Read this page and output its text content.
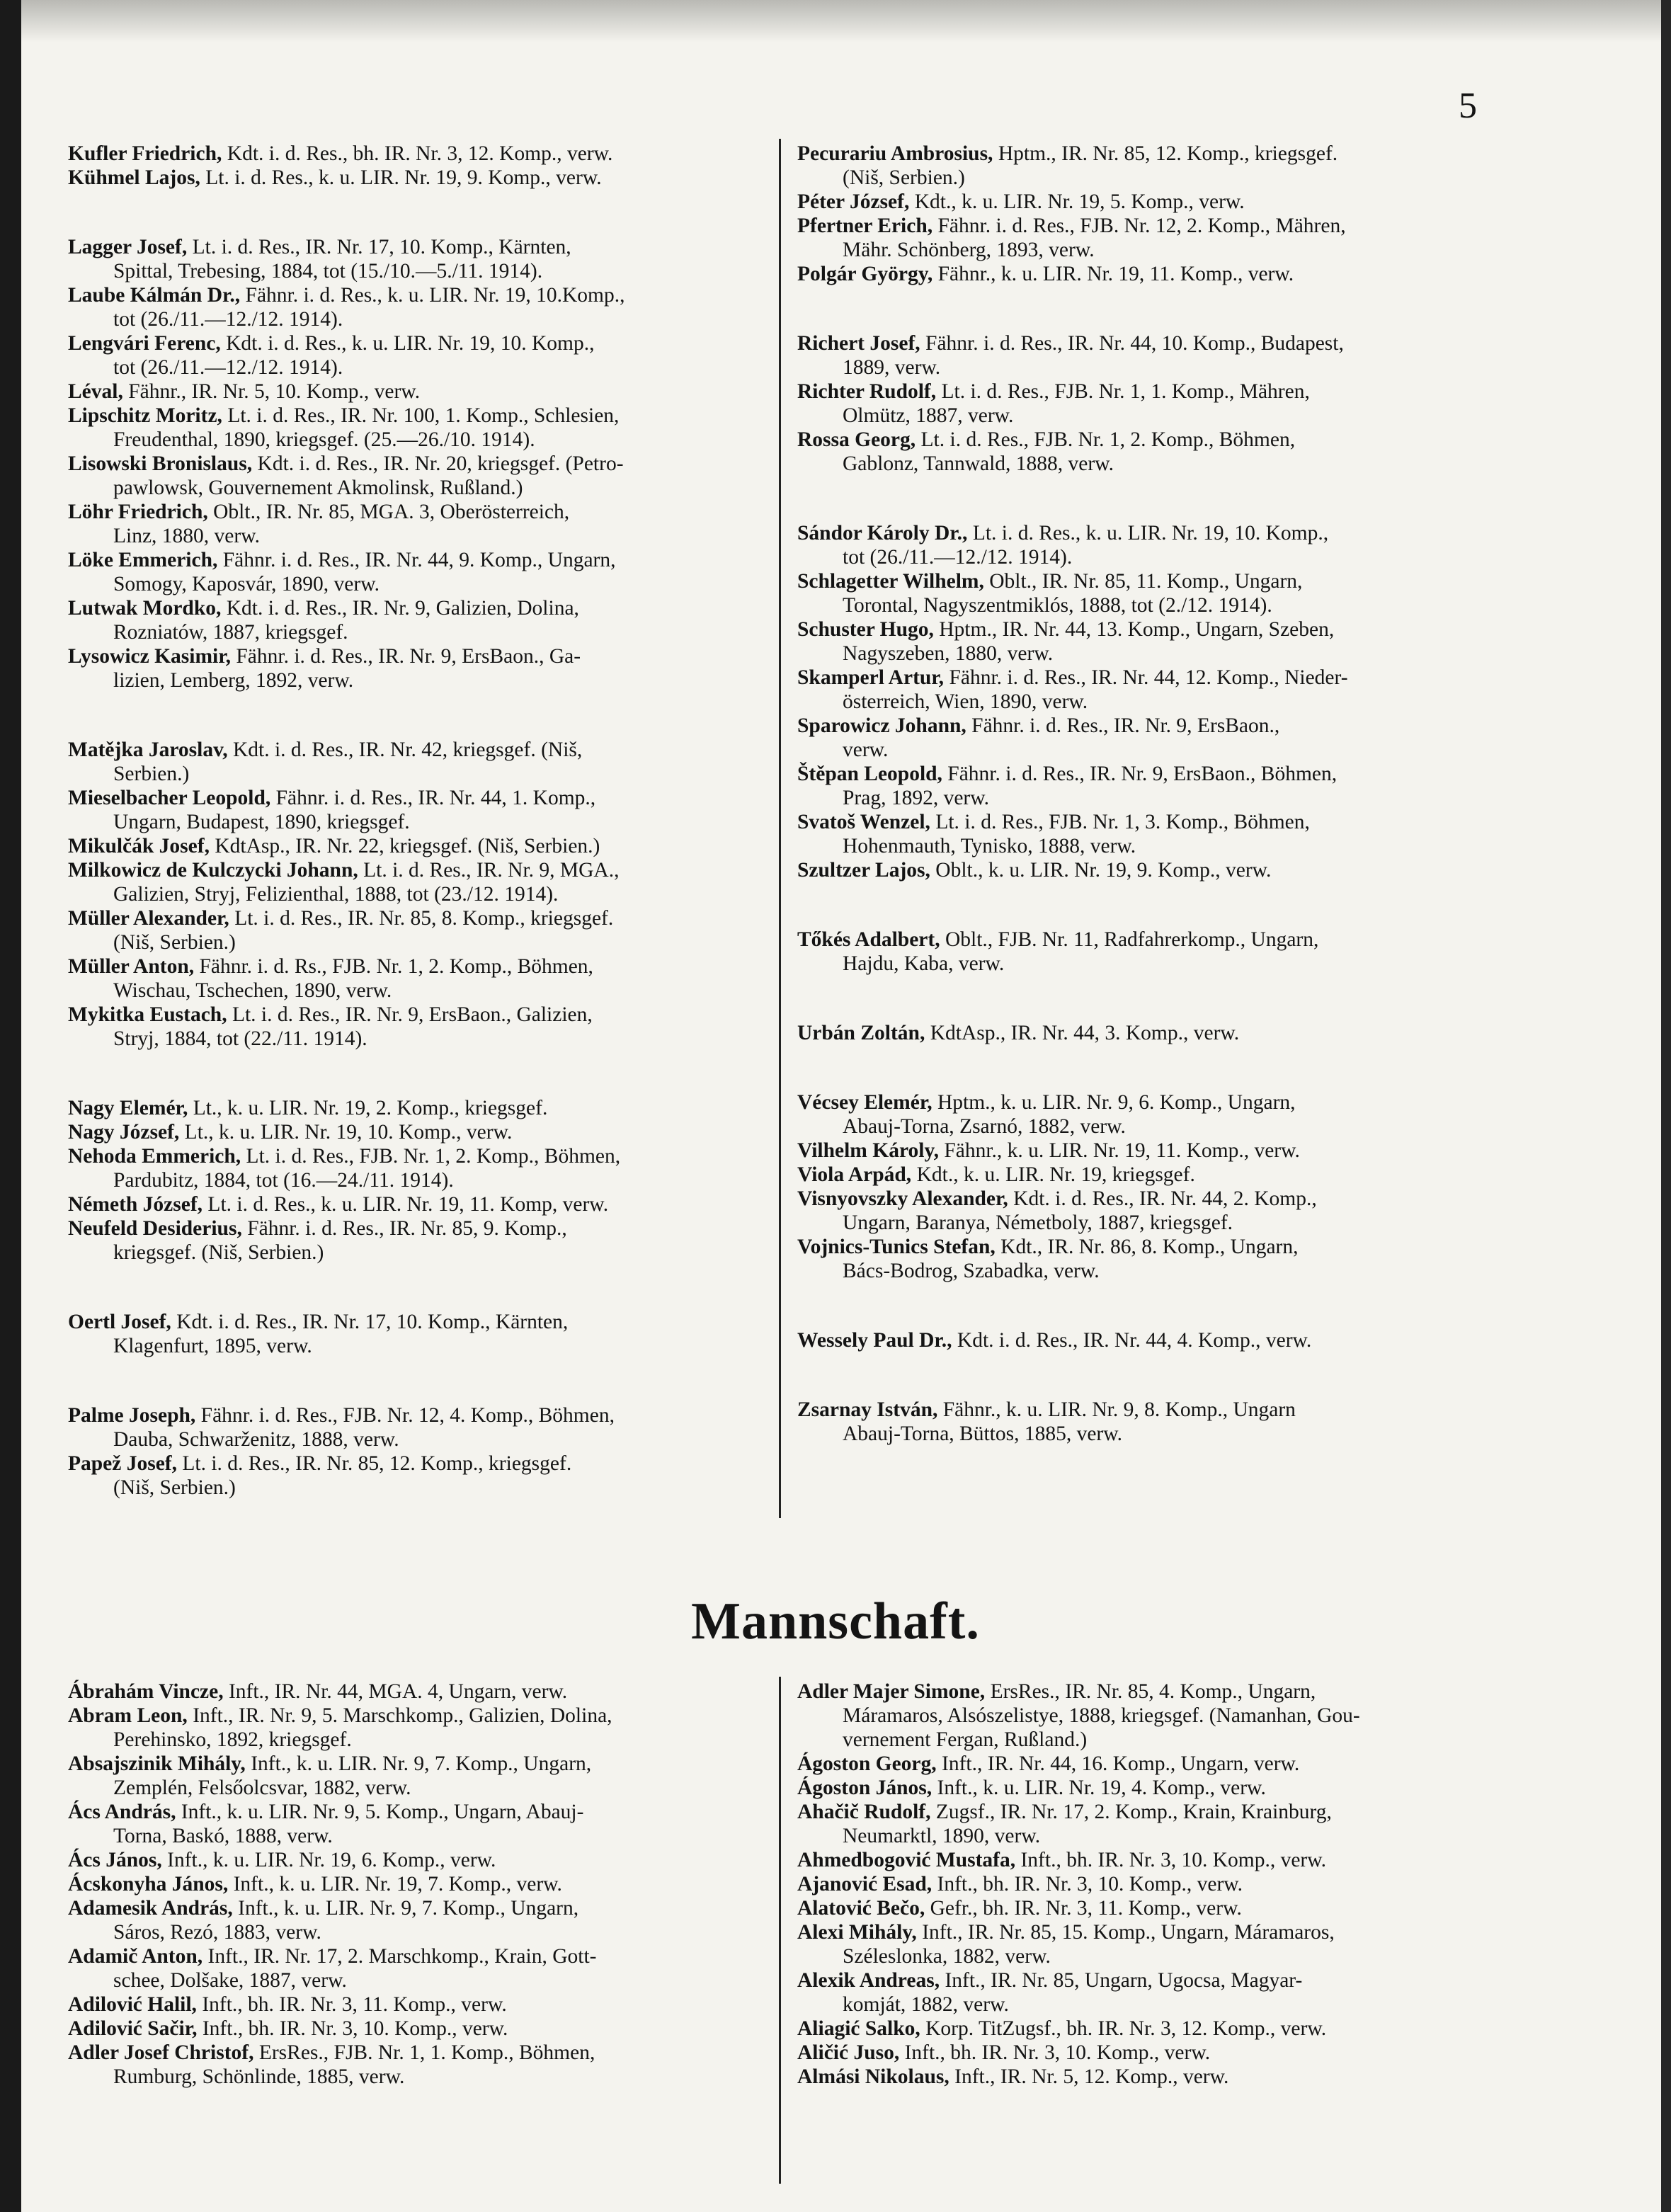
5
Kufler Friedrich, Kdt. i. d. Res., bh. IR. Nr. 3, 12. Komp., verw.
Kühmel Lajos, Lt. i. d. Res., k. u. LIR. Nr. 19, 9. Komp., verw.
Lagger Josef, Lt. i. d. Res., IR. Nr. 17, 10. Komp., Kärnten,
Spittal, Trebesing, 1884, tot (15./10.—5./11. 1914).
Laube Kálmán Dr., Fähnr. i. d. Res., k. u. LIR. Nr. 19, 10.Komp.,
tot (26./11.—12./12. 1914).
Lengvári Ferenc, Kdt. i. d. Res., k. u. LIR. Nr. 19, 10. Komp.,
tot (26./11.—12./12. 1914).
Léval, Fähnr., IR. Nr. 5, 10. Komp., verw.
Lipschitz Moritz, Lt. i. d. Res., IR. Nr. 100, 1. Komp., Schlesien,
Freudenthal, 1890, kriegsgef. (25.—26./10. 1914).
Lisowski Bronislaus, Kdt. i. d. Res., IR. Nr. 20, kriegsgef. (Petro-
pawlowsk, Gouvernement Akmolinsk, Rußland.)
Löhr Friedrich, Oblt., IR. Nr. 85, MGA. 3, Oberösterreich,
Linz, 1880, verw.
Löke Emmerich, Fähnr. i. d. Res., IR. Nr. 44, 9. Komp., Ungarn,
Somogy, Kaposvár, 1890, verw.
Lutwak Mordko, Kdt. i. d. Res., IR. Nr. 9, Galizien, Dolina,
Rozniatów, 1887, kriegsgef.
Lysowicz Kasimir, Fähnr. i. d. Res., IR. Nr. 9, ErsBaon., Ga-
lizien, Lemberg, 1892, verw.
Matějka Jaroslav, Kdt. i. d. Res., IR. Nr. 42, kriegsgef. (Niš,
Serbien.)
Mieselbacher Leopold, Fähnr. i. d. Res., IR. Nr. 44, 1. Komp.,
Ungarn, Budapest, 1890, kriegsgef.
Mikulčák Josef, KdtAsp., IR. Nr. 22, kriegsgef. (Niš, Serbien.)
Milkowicz de Kulczycki Johann, Lt. i. d. Res., IR. Nr. 9, MGA.,
Galizien, Stryj, Felizienthal, 1888, tot (23./12. 1914).
Müller Alexander, Lt. i. d. Res., IR. Nr. 85, 8. Komp., kriegsgef.
(Niš, Serbien.)
Müller Anton, Fähnr. i. d. Rs., FJB. Nr. 1, 2. Komp., Böhmen,
Wischau, Tschechen, 1890, verw.
Mykitka Eustach, Lt. i. d. Res., IR. Nr. 9, ErsBaon., Galizien,
Stryj, 1884, tot (22./11. 1914).
Nagy Elemér, Lt., k. u. LIR. Nr. 19, 2. Komp., kriegsgef.
Nagy József, Lt., k. u. LIR. Nr. 19, 10. Komp., verw.
Nehoda Emmerich, Lt. i. d. Res., FJB. Nr. 1, 2. Komp., Böhmen,
Pardubitz, 1884, tot (16.—24./11. 1914).
Németh József, Lt. i. d. Res., k. u. LIR. Nr. 19, 11. Komp, verw.
Neufeld Desiderius, Fähnr. i. d. Res., IR. Nr. 85, 9. Komp.,
kriegsgef. (Niš, Serbien.)
Oertl Josef, Kdt. i. d. Res., IR. Nr. 17, 10. Komp., Kärnten,
Klagenfurt, 1895, verw.
Palme Joseph, Fähnr. i. d. Res., FJB. Nr. 12, 4. Komp., Böhmen,
Dauba, Schwarženitz, 1888, verw.
Papež Josef, Lt. i. d. Res., IR. Nr. 85, 12. Komp., kriegsgef.
(Niš, Serbien.)
Pecurariu Ambrosius, Hptm., IR. Nr. 85, 12. Komp., kriegsgef.
(Niš, Serbien.)
Péter József, Kdt., k. u. LIR. Nr. 19, 5. Komp., verw.
Pfertner Erich, Fähnr. i. d. Res., FJB. Nr. 12, 2. Komp., Mähren,
Mähr. Schönberg, 1893, verw.
Polgár György, Fähnr., k. u. LIR. Nr. 19, 11. Komp., verw.
Richert Josef, Fähnr. i. d. Res., IR. Nr. 44, 10. Komp., Budapest,
1889, verw.
Richter Rudolf, Lt. i. d. Res., FJB. Nr. 1, 1. Komp., Mähren,
Olmütz, 1887, verw.
Rossa Georg, Lt. i. d. Res., FJB. Nr. 1, 2. Komp., Böhmen,
Gablonz, Tannwald, 1888, verw.
Sándor Károly Dr., Lt. i. d. Res., k. u. LIR. Nr. 19, 10. Komp.,
tot (26./11.—12./12. 1914).
Schlagetter Wilhelm, Oblt., IR. Nr. 85, 11. Komp., Ungarn,
Torontal, Nagyszentmiklós, 1888, tot (2./12. 1914).
Schuster Hugo, Hptm., IR. Nr. 44, 13. Komp., Ungarn, Szeben,
Nagyszeben, 1880, verw.
Skamperl Artur, Fähnr. i. d. Res., IR. Nr. 44, 12. Komp., Nieder-
österreich, Wien, 1890, verw.
Sparowicz Johann, Fähnr. i. d. Res., IR. Nr. 9, ErsBaon.,
verw.
Štěpan Leopold, Fähnr. i. d. Res., IR. Nr. 9, ErsBaon., Böhmen,
Prag, 1892, verw.
Svatoš Wenzel, Lt. i. d. Res., FJB. Nr. 1, 3. Komp., Böhmen,
Hohenmauth, Tynisko, 1888, verw.
Szultzer Lajos, Oblt., k. u. LIR. Nr. 19, 9. Komp., verw.
Tőkés Adalbert, Oblt., FJB. Nr. 11, Radfahrerkomp., Ungarn,
Hajdu, Kaba, verw.
Urbán Zoltán, KdtAsp., IR. Nr. 44, 3. Komp., verw.
Vécsey Elemér, Hptm., k. u. LIR. Nr. 9, 6. Komp., Ungarn,
Abauj-Torna, Zsarnó, 1882, verw.
Vilhelm Károly, Fähnr., k. u. LIR. Nr. 19, 11. Komp., verw.
Viola Arpád, Kdt., k. u. LIR. Nr. 19, kriegsgef.
Visnyovszky Alexander, Kdt. i. d. Res., IR. Nr. 44, 2. Komp.,
Ungarn, Baranya, Németboly, 1887, kriegsgef.
Vojnics-Tunics Stefan, Kdt., IR. Nr. 86, 8. Komp., Ungarn,
Bács-Bodrog, Szabadka, verw.
Wessely Paul Dr., Kdt. i. d. Res., IR. Nr. 44, 4. Komp., verw.
Zsarnay István, Fähnr., k. u. LIR. Nr. 9, 8. Komp., Ungarn
Abauj-Torna, Büttos, 1885, verw.
Mannschaft.
Ábrahám Vincze, Inft., IR. Nr. 44, MGA. 4, Ungarn, verw.
Abram Leon, Inft., IR. Nr. 9, 5. Marschkomp., Galizien, Dolina,
Perehinsko, 1892, kriegsgef.
Absajszinik Mihály, Inft., k. u. LIR. Nr. 9, 7. Komp., Ungarn,
Zemplén, Felsőolcsvar, 1882, verw.
Ács András, Inft., k. u. LIR. Nr. 9, 5. Komp., Ungarn, Abauj-
Torna, Baskó, 1888, verw.
Ács János, Inft., k. u. LIR. Nr. 19, 6. Komp., verw.
Ácskonyha János, Inft., k. u. LIR. Nr. 19, 7. Komp., verw.
Adamesik András, Inft., k. u. LIR. Nr. 9, 7. Komp., Ungarn,
Sáros, Rezó, 1883, verw.
Adamič Anton, Inft., IR. Nr. 17, 2. Marschkomp., Krain, Gott-
schee, Dolšake, 1887, verw.
Adilović Halil, Inft., bh. IR. Nr. 3, 11. Komp., verw.
Adilović Sačir, Inft., bh. IR. Nr. 3, 10. Komp., verw.
Adler Josef Christof, ErsRes., FJB. Nr. 1, 1. Komp., Böhmen,
Rumburg, Schönlinde, 1885, verw.
Adler Majer Simone, ErsRes., IR. Nr. 85, 4. Komp., Ungarn,
Máramaros, Alsószelistye, 1888, kriegsgef. (Namanhan, Gou-
vernement Fergan, Rußland.)
Ágoston Georg, Inft., IR. Nr. 44, 16. Komp., Ungarn, verw.
Ágoston János, Inft., k. u. LIR. Nr. 19, 4. Komp., verw.
Ahačič Rudolf, Zugsf., IR. Nr. 17, 2. Komp., Krain, Krainburg,
Neumarktl, 1890, verw.
Ahmedbogović Mustafa, Inft., bh. IR. Nr. 3, 10. Komp., verw.
Ajanović Esad, Inft., bh. IR. Nr. 3, 10. Komp., verw.
Alatović Bečo, Gefr., bh. IR. Nr. 3, 11. Komp., verw.
Alexi Mihály, Inft., IR. Nr. 85, 15. Komp., Ungarn, Máramaros,
Széleslonka, 1882, verw.
Alexik Andreas, Inft., IR. Nr. 85, Ungarn, Ugocsa, Magyar-
komját, 1882, verw.
Aliagić Salko, Korp. TitZugsf., bh. IR. Nr. 3, 12. Komp., verw.
Aličić Juso, Inft., bh. IR. Nr. 3, 10. Komp., verw.
Almási Nikolaus, Inft., IR. Nr. 5, 12. Komp., verw.
